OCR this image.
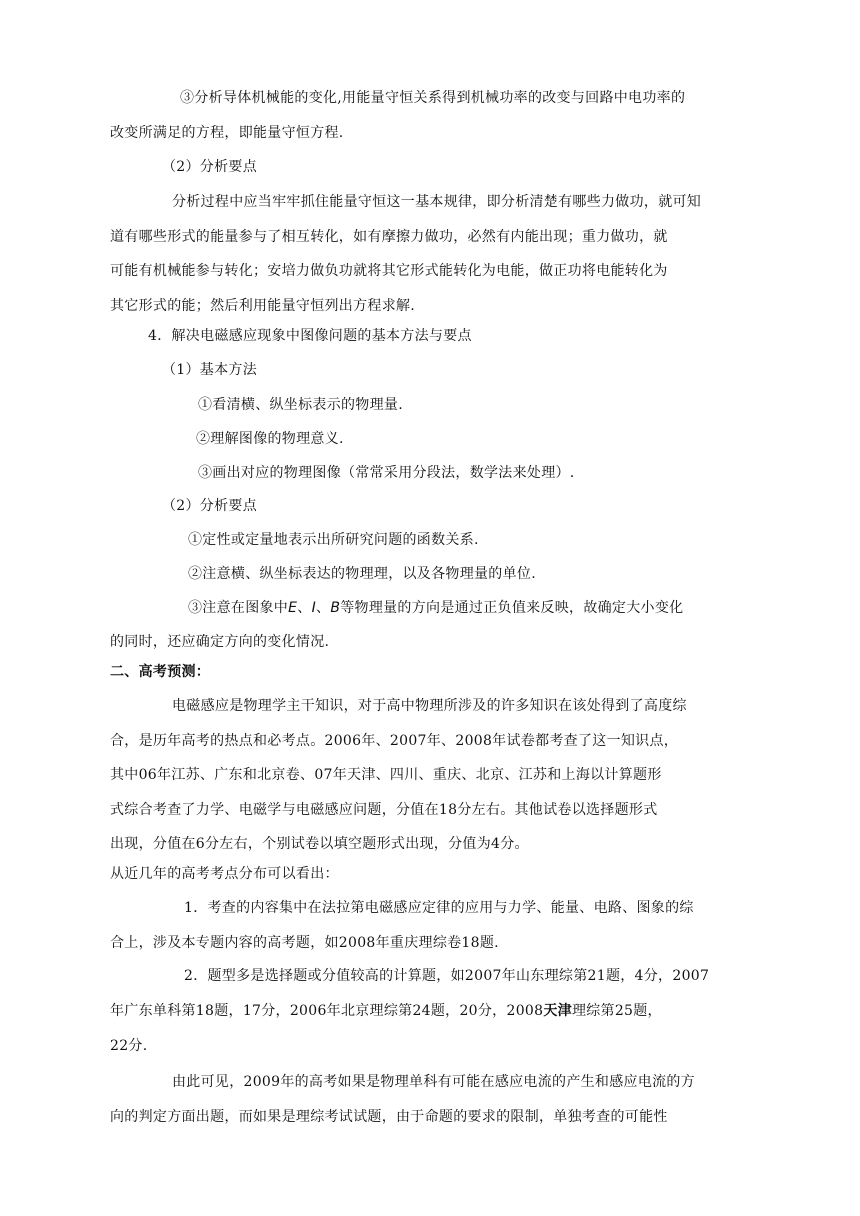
③分析导体机械能的变化,用能量守恒关系得到机械功率的改变与回路中电功率的
改变所满足的方程，即能量守恒方程.
（2）分析要点
分析过程中应当牢牢抓住能量守恒这一基本规律，即分析清楚有哪些力做功，就可知
道有哪些形式的能量参与了相互转化，如有摩擦力做功，必然有内能出现；重力做功，就
可能有机械能参与转化；安培力做负功就将其它形式能转化为电能，做正功将电能转化为
其它形式的能；然后利用能量守恒列出方程求解.
4．解决电磁感应现象中图像问题的基本方法与要点
（1）基本方法
①看清横、纵坐标表示的物理量.
②理解图像的物理意义.
③画出对应的物理图像（常常采用分段法，数学法来处理）.
（2）分析要点
①定性或定量地表示出所研究问题的函数关系.
②注意横、纵坐标表达的物理理，以及各物理量的单位.
③注意在图象中E、I、B等物理量的方向是通过正负值来反映，故确定大小变化
的同时，还应确定方向的变化情况.
二、高考预测：
电磁感应是物理学主干知识，对于高中物理所涉及的许多知识在该处得到了高度综
合，是历年高考的热点和必考点。2006年、2007年、2008年试卷都考查了这一知识点，
其中06年江苏、广东和北京卷、07年天津、四川、重庆、北京、江苏和上海以计算题形
式综合考查了力学、电磁学与电磁感应问题，分值在18分左右。其他试卷以选择题形式
出现，分值在6分左右，个别试卷以填空题形式出现，分值为4分。
从近几年的高考考点分布可以看出：
1．考查的内容集中在法拉第电磁感应定律的应用与力学、能量、电路、图象的综
合上，涉及本专题内容的高考题，如2008年重庆理综卷18题.
2．题型多是选择题或分值较高的计算题，如2007年山东理综第21题，4分，2007
年广东单科第18题，17分，2006年北京理综第24题，20分，2008天津理综第25题，
22分.
由此可见，2009年的高考如果是物理单科有可能在感应电流的产生和感应电流的方
向的判定方面出题，而如果是理综考试试题，由于命题的要求的限制，单独考查的可能性
